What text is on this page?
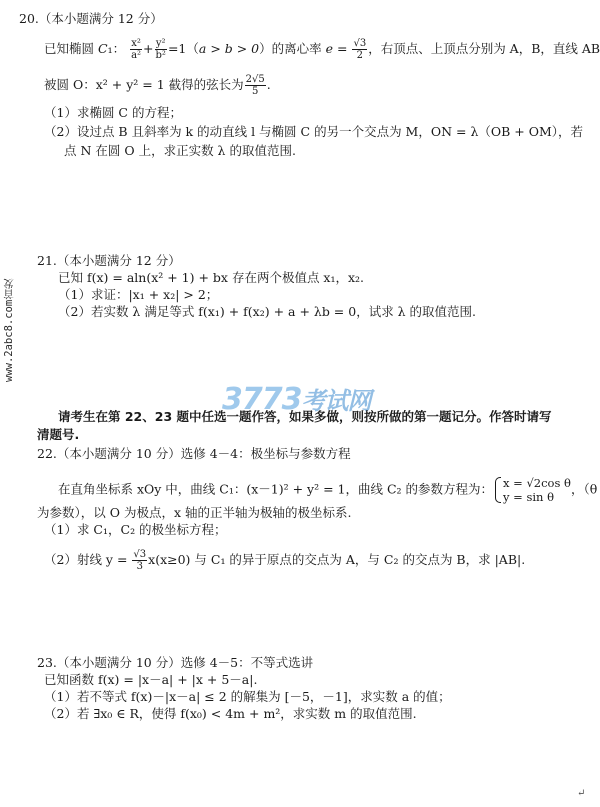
www.2abc8.com首发
20.（本小题满分 12 分）
已知椭圆 C₁： $\frac{\text{x²}}{\text{a²}} + \frac{\text{y²}}{\text{b²}} =1(a > b > 0)$的离心率 $e = \frac{√3}{2}$ ，右顶点、上顶点分别为 A，B，直线 AB
被圆 O：x² + y² = 1 截得的弦长为 $\frac{2√5}{5}$ .
（1）求椭圆 C 的方程；
（2）设过点 B 且斜率为 k 的动直线 l 与椭圆 C 的另一个交点为 M，ON = λ（OB + OM），若
点 N 在圆 O 上，求正实数 λ 的取值范围.
21.（本小题满分 12 分）
已知 f(x) = aln(x² + 1) + bx 存在两个极值点 x₁，x₂.
（1）求证：|x₁ + x₂| > 2；
（2）若实数 λ 满足等式 f(x₁) + f(x₂) + a + λb = 0，试求 λ 的取值范围.
3773考试网
请考生在第 22、23 题中任选一题作答，如果多做，则按所做的第一题记分。作答时请写
清题号.
22.（本小题满分 10 分）选修 4－4：极坐标与参数方程
在直角坐标系 xOy 中，曲线 C₁：(x－1)² + y² = 1，曲线 C₂ 的参数方程为： x = √2cos θ
y = sin θ
，（θ
为参数），以 O 为极点，x 轴的正半轴为极轴的极坐标系.
（1）求 C₁，C₂ 的极坐标方程；
（2）射线 $y = \frac{√3}{3} x(x\ge 0)$ 与 C₁ 的异于原点的交点为 A，与 C₂ 的交点为 B，求 |AB|.
23.（本小题满分 10 分）选修 4－5：不等式选讲
已知函数 f(x) = |x－a| + |x + 5－a|.
（1）若不等式 f(x)－|x－a| ≤ 2 的解集为 [－5，－1]，求实数 a 的值；
（2）若 ∃x₀ ∈ R，使得 f(x₀) < 4m + m²，求实数 m 的取值范围.
↵
